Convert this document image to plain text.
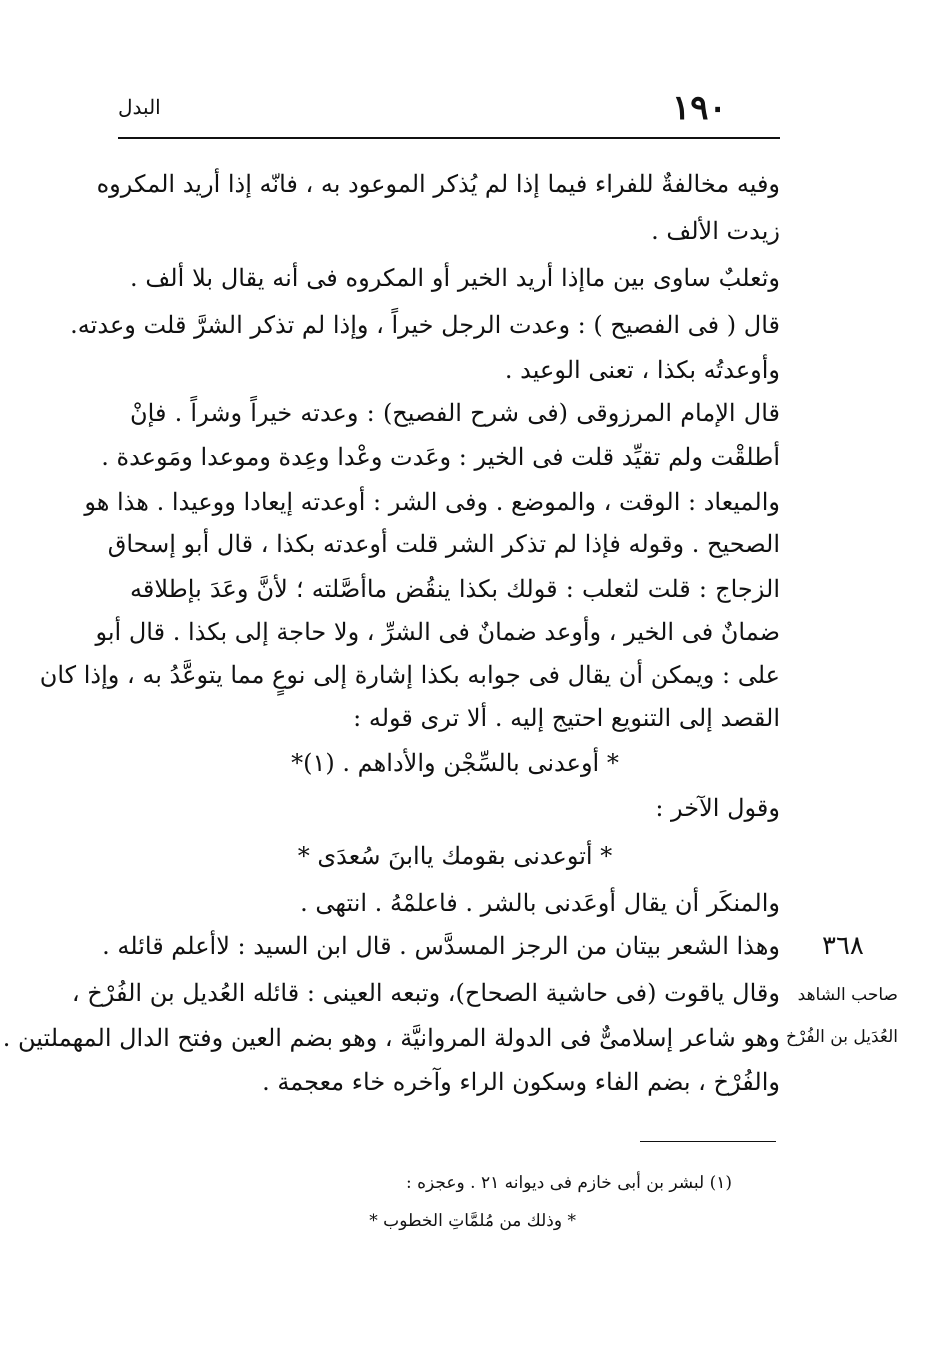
١٩٠
البدل
وفيه مخالفةٌ للفراء فيما إذا لم يُذكر الموعود به ، فانّه إذا أريد المكروه
زيدت الألف .
وثعلبٌ ساوى بين ماإذا أريد الخير أو المكروه فى أنه يقال بلا ألف .
قال ( فى الفصيح ) : وعدت الرجل خيراً ، وإذا لم تذكر الشرَّ قلت وعدته.
وأوعدتُه بكذا ، تعنى الوعيد .
قال الإمام المرزوقى (فى شرح الفصيح) : وعدته خيراً وشراً . فإنْ
أطلقْت ولم تقيِّد قلت فى الخير : وعَدت وعْدا وعِدة وموعدا ومَوعدة .
والميعاد : الوقت ، والموضع . وفى الشر : أوعدته إيعادا ووعيدا . هذا هو
الصحيح . وقوله فإذا لم تذكر الشر قلت أوعدته بكذا ، قال أبو إسحاق
الزجاج : قلت لثعلب : قولك بكذا ينقُض ماأصَّلته ؛ لأنَّ وعَدَ بإطلاقه
ضمانٌ فى الخير ، وأوعد ضمانٌ فى الشرِّ ، ولا حاجة إلى بكذا . قال أبو
على : ويمكن أن يقال فى جوابه بكذا إشارة إلى نوعٍ مما يتوعَّدُ به ، وإذا كان
القصد إلى التنويع احتيج إليه . ألا ترى قوله :
* أوعدنى بالسِّجْن والأداهم . (١)*
وقول الآخر :
* أتوعدنى بقومك ياابنَ سُعدَى *
والمنكَر أن يقال أوعَدنى بالشر . فاعلمْهُ . انتهى .
وهذا الشعر بيتان من الرجز المسدَّس . قال ابن السيد : لاأعلم قائله .
وقال ياقوت (فى حاشية الصحاح)، وتبعه العينى : قائله العُديل بن الفُرْخ ،
وهو شاعر إسلامىٌّ فى الدولة المروانيَّة ، وهو بضم العين وفتح الدال المهملتين .
والفُرْخ ، بضم الفاء وسكون الراء وآخره خاء معجمة .
٣٦٨
صاحب الشاهد
العُدَيل بن الفُرْخ
(١) لبشر بن أبى خازم فى ديوانه ٢١ . وعجزه :
* وذلك من مُلمَّاتِ الخطوب *
